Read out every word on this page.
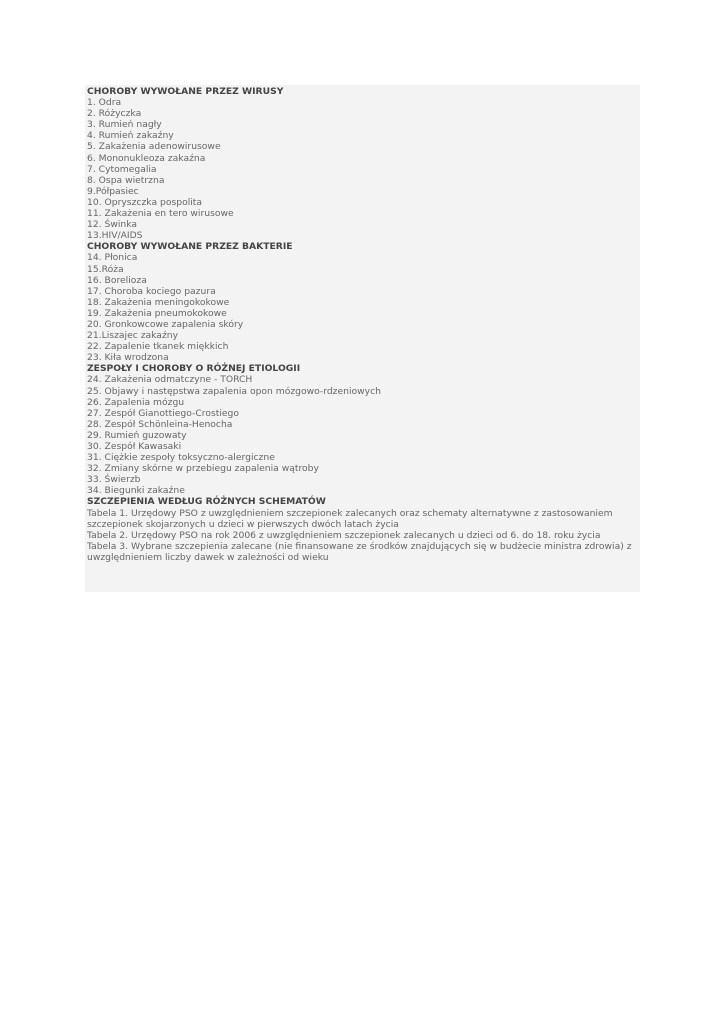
CHOROBY WYWOŁANE PRZEZ WIRUSY
1. Odra
2. Różyczka
3. Rumień nagły
4. Rumień zakaźny
5. Zakażenia adenowirusowe
6. Mononukleoza zakaźna
7. Cytomegalia
8. Ospa wietrzna
9.Półpasiec
10. Opryszczka pospolita
11. Zakażenia en tero wirusowe
12. Świnka
13.HIV/AIDS
CHOROBY WYWOŁANE PRZEZ BAKTERIE
14. Płonica
15.Róża
16. Borelioza
17. Choroba kociego pazura
18. Zakażenia meningokokowe
19. Zakażenia pneumokokowe
20. Gronkowcowe zapalenia skóry
21.Liszajec zakaźny
22. Zapalenie tkanek miękkich
23. Kiła wrodzona
ZESPOŁY I CHOROBY O RÓŻNEJ ETIOLOGII
24. Zakażenia odmatczyne - TORCH
25. Objawy i następstwa zapalenia opon mózgowo-rdzeniowych
26. Zapalenia mózgu
27. Zespół Gianottiego-Crostiego
28. Zespół Schönleina-Henocha
29. Rumień guzowaty
30. Zespół Kawasaki
31. Ciężkie zespoły toksyczno-alergiczne
32. Zmiany skórne w przebiegu zapalenia wątroby
33. Świerzb
34. Biegunki zakaźne
SZCZEPIENIA WEDŁUG RÓŻNYCH SCHEMATÓW
Tabela 1. Urzędowy PSO z uwzględnieniem szczepionek zalecanych oraz schematy alternatywne z zastosowaniem szczepionek skojarzonych u dzieci w pierwszych dwóch latach życia
Tabela 2. Urzędowy PSO na rok 2006 z uwzględnieniem szczepionek zalecanych u dzieci od 6. do 18. roku życia
Tabela 3. Wybrane szczepienia zalecane (nie finansowane ze środków znajdujących się w budżecie ministra zdrowia) z uwzględnieniem liczby dawek w zależności od wieku
